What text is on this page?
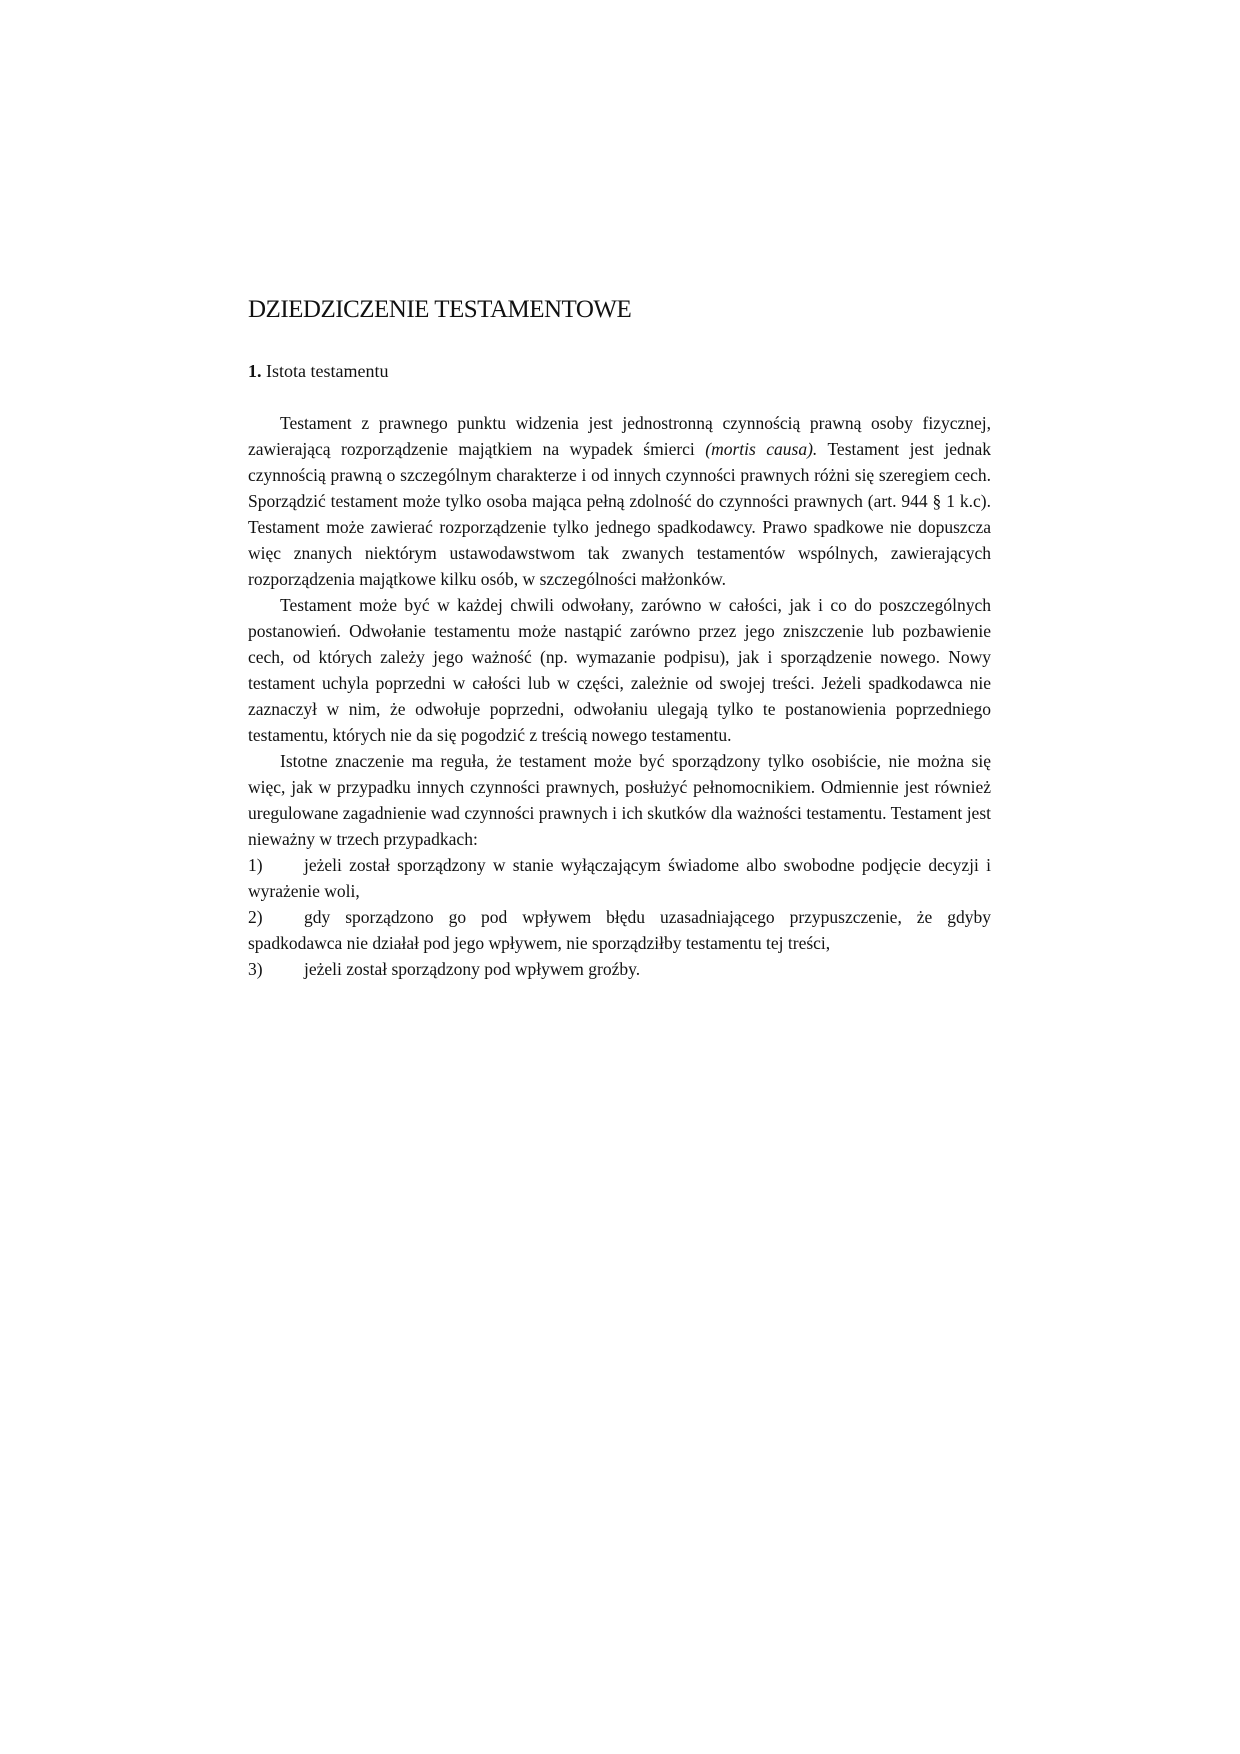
DZIEDZICZENIE TESTAMENTOWE

1. Istota testamentu

Testament z prawnego punktu widzenia jest jednostronną czynnością prawną osoby fizycznej, zawierającą rozporządzenie majątkiem na wypadek śmierci (mortis causa). Testament jest jednak czynnością prawną o szczególnym charakterze i od innych czynności prawnych różni się szeregiem cech. Sporządzić testament może tylko osoba mająca pełną zdolność do czynności prawnych (art. 944 § 1 k.c). Testament może zawierać rozporządzenie tylko jednego spadkodawcy. Prawo spadkowe nie dopuszcza więc znanych niektórym ustawodawstwom tak zwanych testamentów wspólnych, zawierających rozporządzenia majątkowe kilku osób, w szczególności małżonków.

Testament może być w każdej chwili odwołany, zarówno w całości, jak i co do poszczególnych postanowień. Odwołanie testamentu może nastąpić zarówno przez jego zniszczenie lub pozbawienie cech, od których zależy jego ważność (np. wymazanie podpisu), jak i sporządzenie nowego. Nowy testament uchyla poprzedni w całości lub w części, zależnie od swojej treści. Jeżeli spadkodawca nie zaznaczył w nim, że odwołuje poprzedni, odwołaniu ulegają tylko te postanowienia poprzedniego testamentu, których nie da się pogodzić z treścią nowego testamentu.

Istotne znaczenie ma reguła, że testament może być sporządzony tylko osobiście, nie można się więc, jak w przypadku innych czynności prawnych, posłużyć pełnomocnikiem. Odmiennie jest również uregulowane zagadnienie wad czynności prawnych i ich skutków dla ważności testamentu. Testament jest nieważny w trzech przypadkach:

1) jeżeli został sporządzony w stanie wyłączającym świadome albo swobodne podjęcie decyzji i wyrażenie woli,

2) gdy sporządzono go pod wpływem błędu uzasadniającego przypuszczenie, że gdyby spadkodawca nie działał pod jego wpływem, nie sporządziłby testamentu tej treści,

3) jeżeli został sporządzony pod wpływem groźby.
